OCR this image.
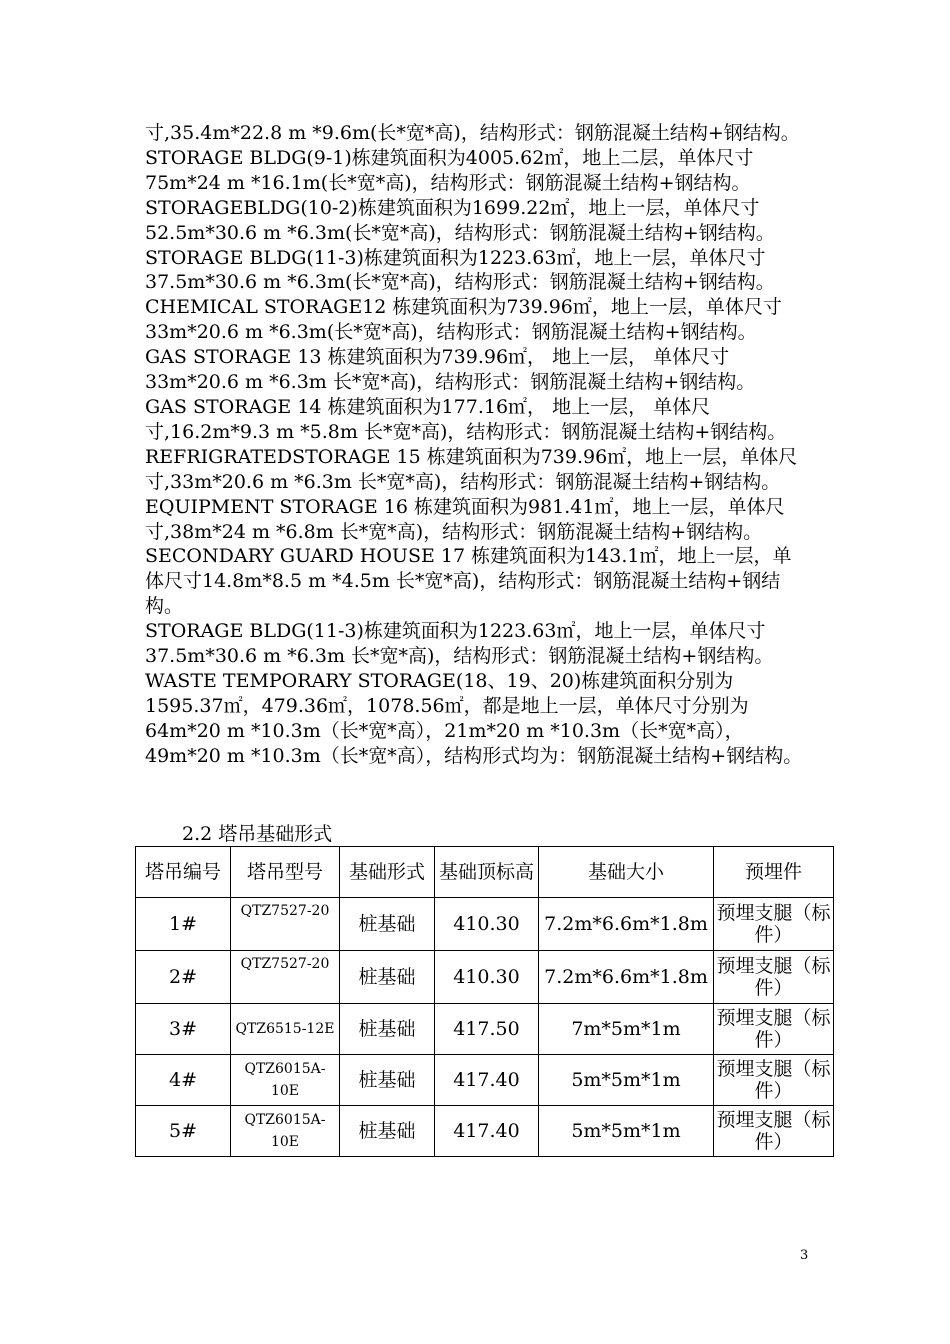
寸,35.4m*22.8 m *9.6m(长*宽*高)，结构形式：钢筋混凝土结构+钢结构。

STORAGE BLDG(9-1)栋建筑面积为4005.62㎡，地上二层，单体尺寸75m*24 m *16.1m(长*宽*高)，结构形式：钢筋混凝土结构+钢结构。

STORAGEBLDG(10-2)栋建筑面积为1699.22㎡，地上一层，单体尺寸52.5m*30.6 m *6.3m(长*宽*高)，结构形式：钢筋混凝土结构+钢结构。

STORAGE BLDG(11-3)栋建筑面积为1223.63㎡，地上一层，单体尺寸37.5m*30.6 m *6.3m(长*宽*高)，结构形式：钢筋混凝土结构+钢结构。

CHEMICAL STORAGE12 栋建筑面积为739.96㎡，地上一层，单体尺寸33m*20.6 m *6.3m(长*宽*高)，结构形式：钢筋混凝土结构+钢结构。

GAS STORAGE 13 栋建筑面积为739.96㎡， 地上一层， 单体尺寸33m*20.6 m *6.3m 长*宽*高)，结构形式：钢筋混凝土结构+钢结构。

GAS STORAGE 14 栋建筑面积为177.16㎡， 地上一层， 单体尺寸,16.2m*9.3 m *5.8m 长*宽*高)，结构形式：钢筋混凝土结构+钢结构。

REFRIGRATEDSTORAGE 15 栋建筑面积为739.96㎡，地上一层，单体尺寸,33m*20.6 m *6.3m 长*宽*高)，结构形式：钢筋混凝土结构+钢结构。

EQUIPMENT STORAGE 16 栋建筑面积为981.41㎡，地上一层，单体尺寸,38m*24 m *6.8m 长*宽*高)，结构形式：钢筋混凝土结构+钢结构。

SECONDARY GUARD HOUSE 17 栋建筑面积为143.1㎡，地上一层，单体尺寸14.8m*8.5 m *4.5m 长*宽*高)，结构形式：钢筋混凝土结构+钢结构。

STORAGE BLDG(11-3)栋建筑面积为1223.63㎡，地上一层，单体尺寸37.5m*30.6 m *6.3m 长*宽*高)，结构形式：钢筋混凝土结构+钢结构。

WASTE TEMPORARY STORAGE(18、19、20)栋建筑面积分别为1595.37㎡，479.36㎡，1078.56㎡，都是地上一层，单体尺寸分别为64m*20 m *10.3m（长*宽*高），21m*20 m *10.3m（长*宽*高），49m*20 m *10.3m（长*宽*高），结构形式均为：钢筋混凝土结构+钢结构。

2.2 塔吊基础形式
塔吊编号	塔吊型号	基础形式	基础顶标高	基础大小	预埋件
1#	QTZ7527-20	桩基础	410.30	7.2m*6.6m*1.8m	预埋支腿（标件）
2#	QTZ7527-20	桩基础	410.30	7.2m*6.6m*1.8m	预埋支腿（标件）
3#	QTZ6515-12E	桩基础	417.50	7m*5m*1m	预埋支腿（标件）
4#	QTZ6015A-10E	桩基础	417.40	5m*5m*1m	预埋支腿（标件）
5#	QTZ6015A-10E	桩基础	417.40	5m*5m*1m	预埋支腿（标件）
3
